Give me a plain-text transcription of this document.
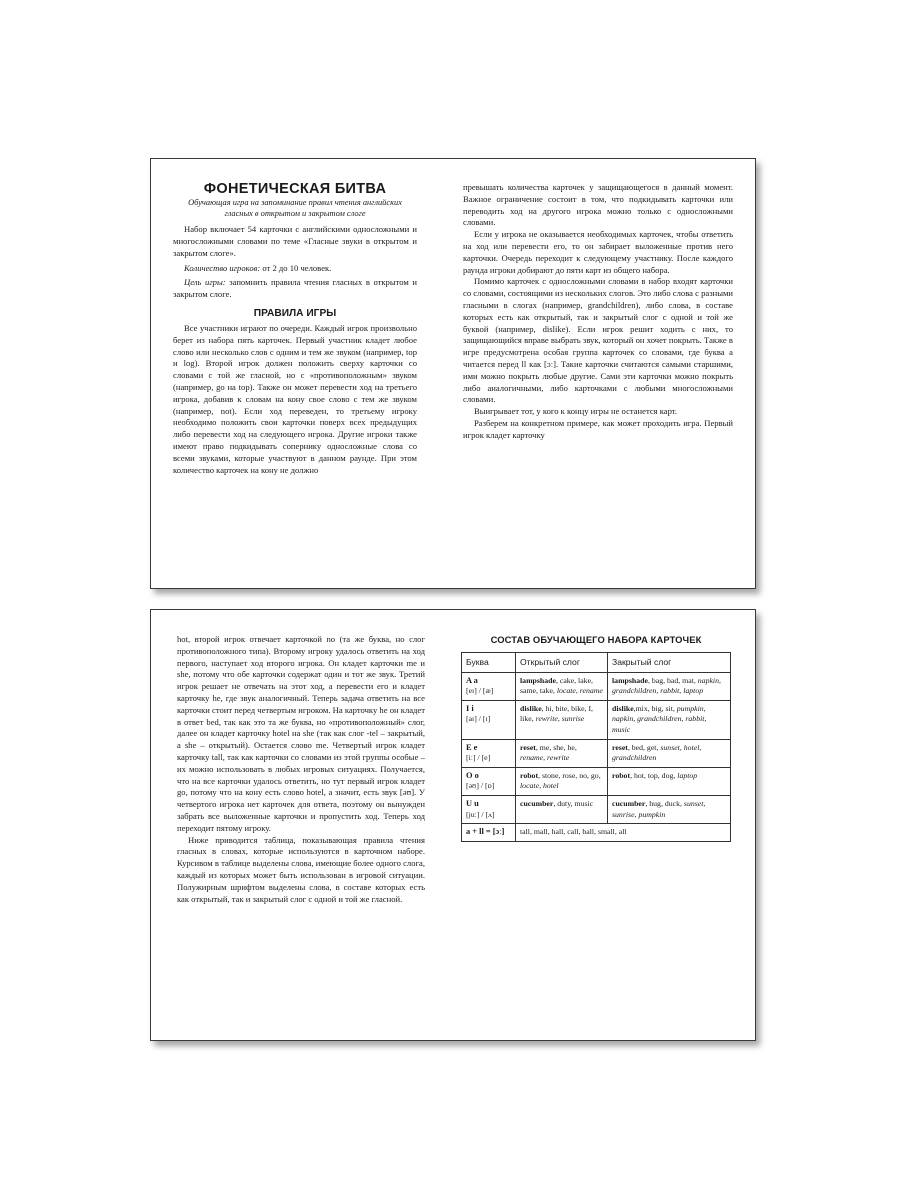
ФОНЕТИЧЕСКАЯ БИТВА

Обучающая игра на запоминание правил чтения английских гласных в открытом и закрытом слоге

Набор включает 54 карточки с английскими односложными и многосложными словами по теме «Гласные звуки в открытом и закрытом слоге».

Количество игроков: от 2 до 10 человек.

Цель игры: запомнить правила чтения гласных в открытом и закрытом слоге.

ПРАВИЛА ИГРЫ

Все участники играют по очереди. Каждый игрок произвольно берет из набора пять карточек. Первый участник кладет любое слово или несколько слов с одним и тем же звуком (например, top и log). Второй игрок должен положить сверху карточки со словами с той же гласной, но с «противоположным» звуком (например, go на top). Также он может перевести ход на третьего игрока, добавив к словам на кону свое слово с тем же звуком (например, not). Если ход переведен, то третьему игроку необходимо положить свои карточки поверх всех предыдущих либо перевести ход на следующего игрока. Другие игроки также имеют право подкидывать сопернику односложные слова со всеми звуками, которые участвуют в данном раунде. При этом количество карточек на кону не должно

превышать количества карточек у защищающегося в данный момент. Важное ограничение состоит в том, что подкидывать карточки или переводить ход на другого игрока можно только с односложными словами.

Если у игрока не оказывается необходимых карточек, чтобы ответить на ход или перевести его, то он забирает выложенные против него карточки. Очередь переходит к следующему участнику. После каждого раунда игроки добирают до пяти карт из общего набора.

Помимо карточек с односложными словами в набор входят карточки со словами, состоящими из нескольких слогов. Это либо слова с разными гласными в слогах (например, grandchildren), либо слова, в составе которых есть как открытый, так и закрытый слог с одной и той же буквой (например, dislike). Если игрок решит ходить с них, то защищающийся вправе выбрать звук, который он хочет покрыть. Также в игре предусмотрена особая группа карточек со словами, где буква a читается перед ll как [ɔː]. Такие карточки считаются самыми старшими, ими можно покрыть любые другие. Сами эти карточки можно покрыть либо аналогичными, либо карточками с любыми многосложными словами.

Выигрывает тот, у кого к концу игры не останется карт.

Разберем на конкретном примере, как может проходить игра. Первый игрок кладет карточку

hot, второй игрок отвечает карточкой no (та же буква, но слог противоположного типа). Второму игроку удалось ответить на ход первого, наступает ход второго игрока. Он кладет карточки me и she, потому что обе карточки содержат один и тот же звук. Третий игрок решает не отвечать на этот ход, а перевести его и кладет карточку he, где звук аналогичный. Теперь задача ответить на все карточки стоит перед четвертым игроком. На карточку he он кладет в ответ bed, так как это та же буква, но «противоположный» слог, далее он кладет карточку hotel на she (так как слог -tel – закрытый, а she – открытый). Остается слово me. Четвертый игрок кладет карточку tall, так как карточки со словами из этой группы особые – их можно использовать в любых игровых ситуациях. Получается, что на все карточки удалось ответить, но тут первый игрок кладет go, потому что на кону есть слово hotel, а значит, есть звук [əʊ]. У четвертого игрока нет карточек для ответа, поэтому он вынужден забрать все выложенные карточки и пропустить ход. Теперь ход переходит пятому игроку.

Ниже приводится таблица, показывающая правила чтения гласных в словах, которые используются в карточном наборе. Курсивом в таблице выделены слова, имеющие более одного слога, каждый из которых может быть использован в игровой ситуации. Полужирным шрифтом выделены слова, в составе которых есть как открытый, так и закрытый слог с одной и той же гласной.

СОСТАВ ОБУЧАЮЩЕГО НАБОРА КАРТОЧЕК

Буква	Открытый слог	Закрытый слог

A a
[eɪ] / [æ]	lampshade, cake, lake, same, take, locate, rename	lampshade, bag, bad, mat, napkin, grandchildren, rabbit, laptop

I i
[aɪ] / [ɪ]	dislike, hi, bite, bike, I, like, rewrite, sunrise	dislike,mix, big, sit, pumpkin, napkin, grandchildren, rabbit, music

E e
[iː] / [e]	reset, me, she, he, rename, rewrite	reset, bed, get, sunset, hotel, grandchildren

O o
[əʊ] / [ɒ]	robot, stone, rose, no, go, locate, hotel	robot, hot, top, dog, laptop

U u
[juː] / [ʌ]	cucumber, duty, music	cucumber, hug, duck, sunset, sunrise, pumpkin
a + ll = [ɔː]	tall, mall, hall, call, ball, small, all	
